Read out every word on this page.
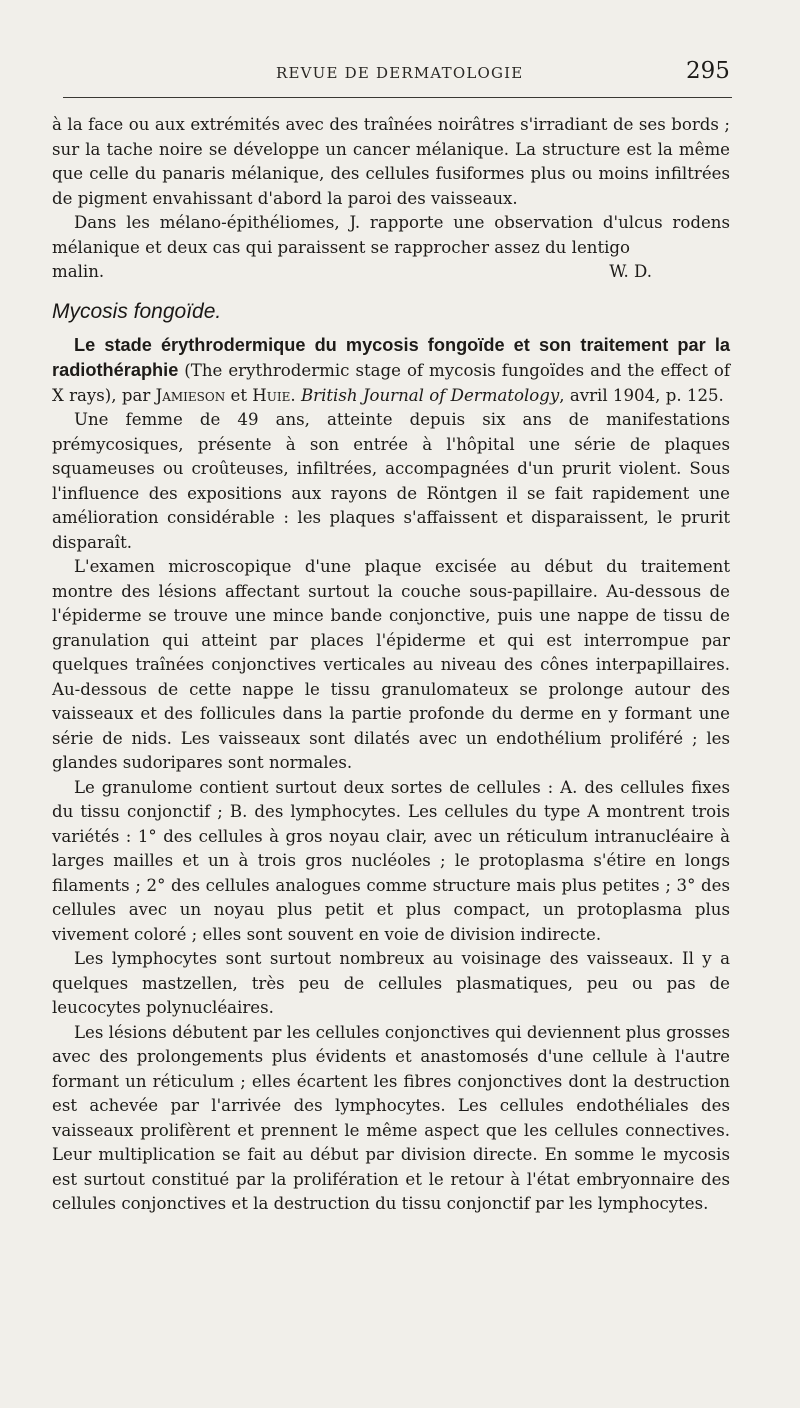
REVUE DE DERMATOLOGIE	295

à la face ou aux extrémités avec des traînées noirâtres s'irradiant de ses bords ; sur la tache noire se développe un cancer mélanique. La structure est la même que celle du panaris mélanique, des cellules fusiformes plus ou moins infiltrées de pigment envahissant d'abord la paroi des vaisseaux.

Dans les mélano-épithéliomes, J. rapporte une observation d'ulcus rodens mélanique et deux cas qui paraissent se rapprocher assez du lentigo

malin.	W. D.

Mycosis fongoïde.

Le stade érythrodermique du mycosis fongoïde et son traitement par la radiothéraphie (The erythrodermic stage of mycosis fungoïdes and the effect of X rays), par Jamieson et Huie. British Journal of Dermatology, avril 1904, p. 125.

Une femme de 49 ans, atteinte depuis six ans de manifestations prémycosiques, présente à son entrée à l'hôpital une série de plaques squameuses ou croûteuses, infiltrées, accompagnées d'un prurit violent. Sous l'influence des expositions aux rayons de Röntgen il se fait rapidement une amélioration considérable : les plaques s'affaissent et disparaissent, le prurit disparaît.

L'examen microscopique d'une plaque excisée au début du traitement montre des lésions affectant surtout la couche sous-papillaire. Au-dessous de l'épiderme se trouve une mince bande conjonctive, puis une nappe de tissu de granulation qui atteint par places l'épiderme et qui est interrompue par quelques traînées conjonctives verticales au niveau des cônes interpapillaires. Au-dessous de cette nappe le tissu granulomateux se prolonge autour des vaisseaux et des follicules dans la partie profonde du derme en y formant une série de nids. Les vaisseaux sont dilatés avec un endothélium proliféré ; les glandes sudoripares sont normales.

Le granulome contient surtout deux sortes de cellules : A. des cellules fixes du tissu conjonctif ; B. des lymphocytes. Les cellules du type A montrent trois variétés : 1° des cellules à gros noyau clair, avec un réticulum intranucléaire à larges mailles et un à trois gros nucléoles ; le protoplasma s'étire en longs filaments ; 2° des cellules analogues comme structure mais plus petites ; 3° des cellules avec un noyau plus petit et plus compact, un protoplasma plus vivement coloré ; elles sont souvent en voie de division indirecte.

Les lymphocytes sont surtout nombreux au voisinage des vaisseaux. Il y a quelques mastzellen, très peu de cellules plasmatiques, peu ou pas de leucocytes polynucléaires.

Les lésions débutent par les cellules conjonctives qui deviennent plus grosses avec des prolongements plus évidents et anastomosés d'une cellule à l'autre formant un réticulum ; elles écartent les fibres conjonctives dont la destruction est achevée par l'arrivée des lymphocytes. Les cellules endothéliales des vaisseaux prolifèrent et prennent le même aspect que les cellules connectives. Leur multiplication se fait au début par division directe. En somme le mycosis est surtout constitué par la prolifération et le retour à l'état embryonnaire des cellules conjonctives et la destruction du tissu conjonctif par les lymphocytes.
